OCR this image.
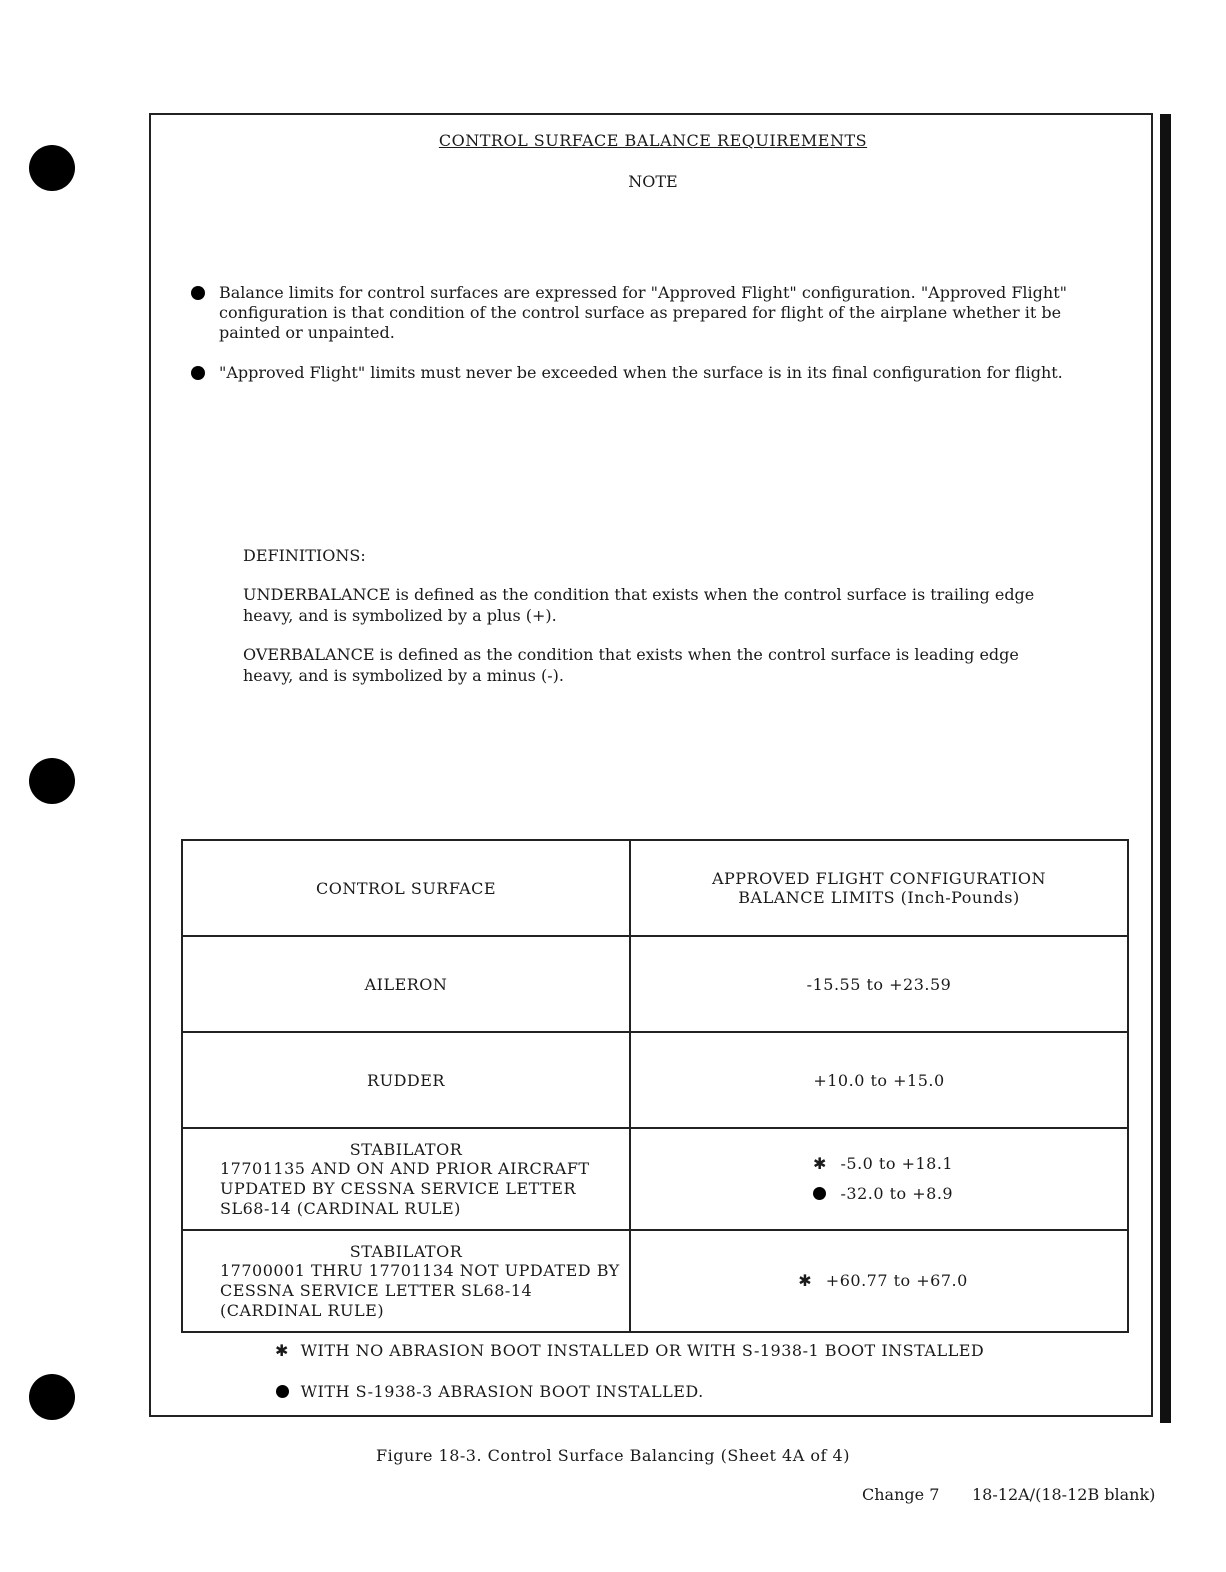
CONTROL SURFACE BALANCE REQUIREMENTS
NOTE
Balance limits for control surfaces are expressed for "Approved Flight" configuration. "Approved Flight" configuration is that condition of the control surface as prepared for flight of the airplane whether it be painted or unpainted.
"Approved Flight" limits must never be exceeded when the surface is in its final configuration for flight.

DEFINITIONS:

UNDERBALANCE is defined as the condition that exists when the control surface is trailing edge heavy, and is symbolized by a plus (+).

OVERBALANCE is defined as the condition that exists when the control surface is leading edge heavy, and is symbolized by a minus (-).

CONTROL SURFACE	APPROVED FLIGHT CONFIGURATION
BALANCE LIMITS (Inch-Pounds)

AILERON	-15.55 to +23.59
RUDDER	+10.0 to +15.0

STABILATOR
17701135 AND ON AND PRIOR AIRCRAFT UPDATED BY CESSNA SERVICE LETTER SL68-14 (CARDINAL RULE)	✱ -5.0 to +18.1
-32.0 to +8.9

STABILATOR
17700001 THRU 17701134 NOT UPDATED BY CESSNA SERVICE LETTER SL68-14 (CARDINAL RULE)	✱ +60.77 to +67.0
✱ WITH NO ABRASION BOOT INSTALLED OR WITH S-1938-1 BOOT INSTALLED
WITH S-1938-3 ABRASION BOOT INSTALLED.
Figure 18-3. Control Surface Balancing (Sheet 4A of 4)
Change 7 18-12A/(18-12B blank)
